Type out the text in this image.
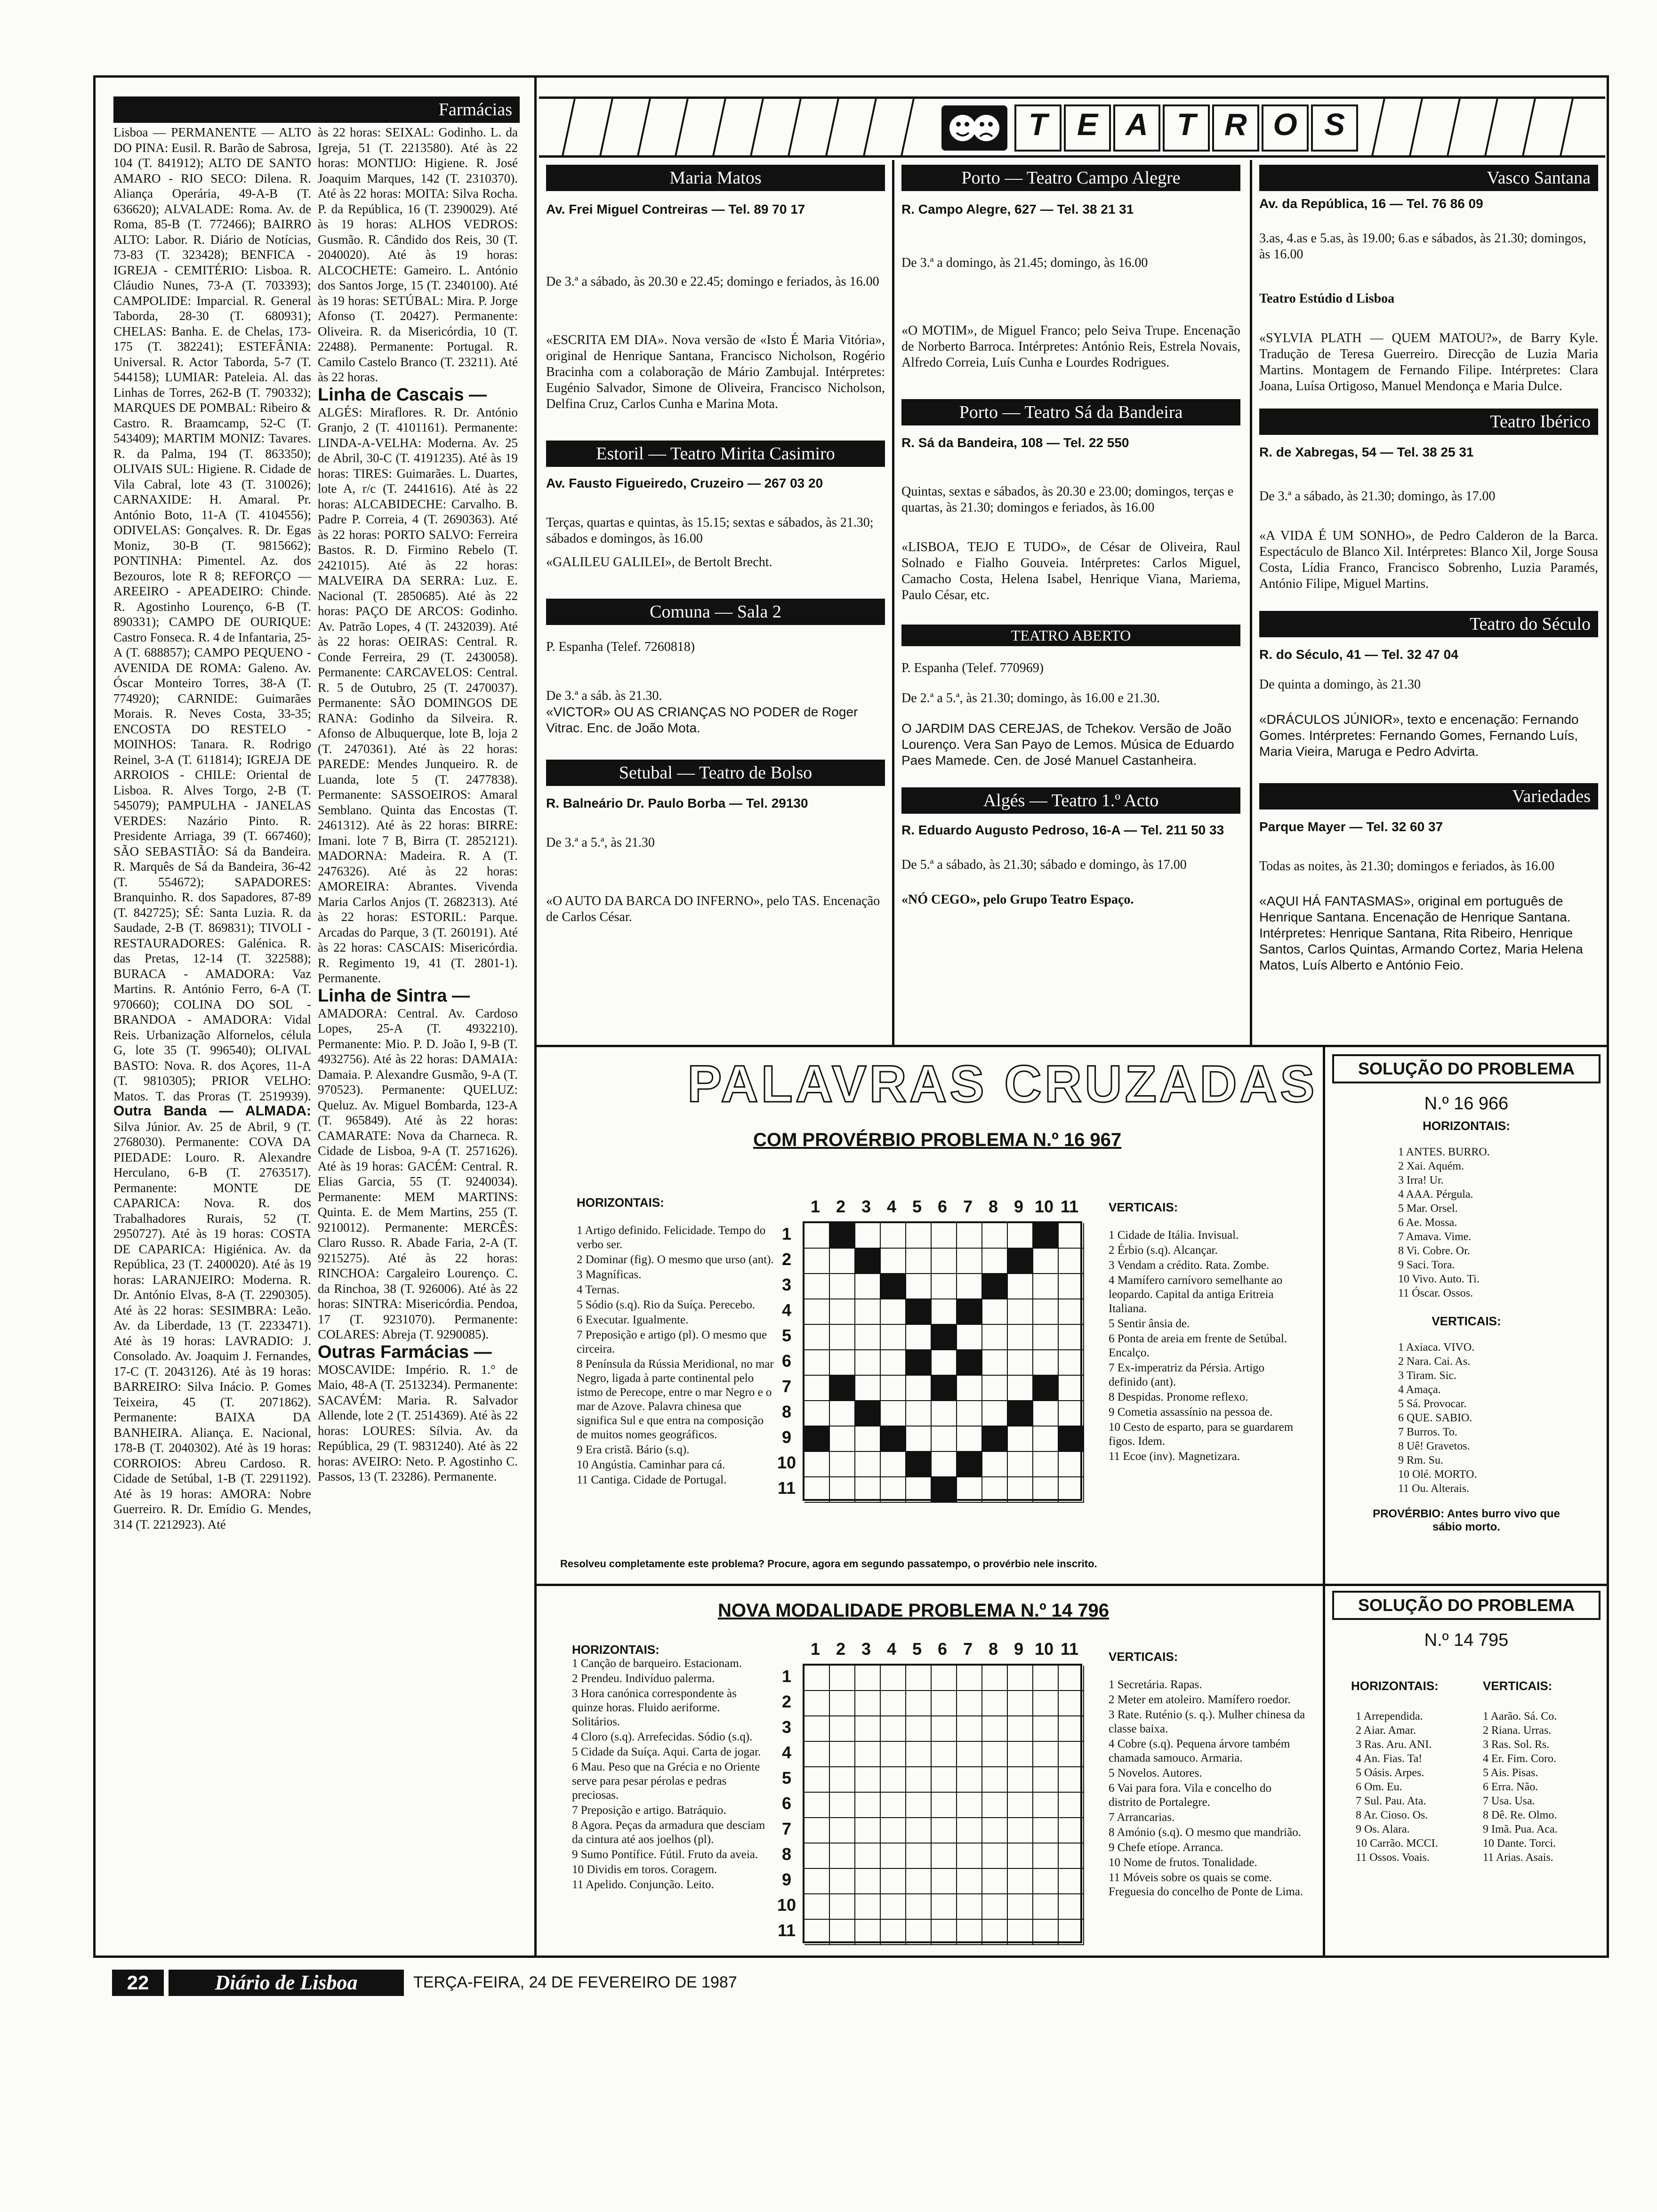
Farmácias
Lisboa — PERMANENTE — ALTO DO PINA: Eusil. R. Barão de Sabrosa, 104 (T. 841912); ALTO DE SANTO AMARO - RIO SECO: Dilena. R. Aliança Operária, 49-A-B (T. 636620); ALVALADE: Roma. Av. de Roma, 85-B (T. 772466); BAIRRO ALTO: Labor. R. Diário de Notícias, 73-83 (T. 323428); BENFICA - IGREJA - CEMITÉRIO: Lisboa. R. Cláudio Nunes, 73-A (T. 703393); CAMPOLIDE: Imparcial. R. General Taborda, 28-30 (T. 680931); CHELAS: Banha. E. de Chelas, 173-175 (T. 382241); ESTEFÂNIA: Universal. R. Actor Taborda, 5-7 (T. 544158); LUMIAR: Pateleia. Al. das Linhas de Torres, 262-B (T. 790332); MARQUES DE POMBAL: Ribeiro & Castro. R. Braamcamp, 52-C (T. 543409); MARTIM MONIZ: Tavares. R. da Palma, 194 (T. 863350); OLIVAIS SUL: Higiene. R. Cidade de Vila Cabral, lote 43 (T. 310026); CARNAXIDE: H. Amaral. Pr. António Boto, 11-A (T. 4104556); ODIVELAS: Gonçalves. R. Dr. Egas Moniz, 30-B (T. 9815662); PONTINHA: Pimentel. Az. dos Bezouros, lote R 8; REFORÇO — AREEIRO - APEADEIRO: Chinde. R. Agostinho Lourenço, 6-B (T. 890331); CAMPO DE OURIQUE: Castro Fonseca. R. 4 de Infantaria, 25-A (T. 688857); CAMPO PEQUENO - AVENIDA DE ROMA: Galeno. Av. Óscar Monteiro Torres, 38-A (T. 774920); CARNIDE: Guimarães Morais. R. Neves Costa, 33-35; ENCOSTA DO RESTELO - MOINHOS: Tanara. R. Rodrigo Reinel, 3-A (T. 611814); IGREJA DE ARROIOS - CHILE: Oriental de Lisboa. R. Alves Torgo, 2-B (T. 545079); PAMPULHA - JANELAS VERDES: Nazário Pinto. R. Presidente Arriaga, 39 (T. 667460); SÃO SEBASTIÃO: Sá da Bandeira. R. Marquês de Sá da Bandeira, 36-42 (T. 554672); SAPADORES: Branquinho. R. dos Sapadores, 87-89 (T. 842725); SÉ: Santa Luzia. R. da Saudade, 2-B (T. 869831); TIVOLI - RESTAURADORES: Galénica. R. das Pretas, 12-14 (T. 322588); BURACA - AMADORA: Vaz Martins. R. António Ferro, 6-A (T. 970660); COLINA DO SOL - BRANDOA - AMADORA: Vidal Reis. Urbanização Alfornelos, célula G, lote 35 (T. 996540); OLIVAL BASTO: Nova. R. dos Açores, 11-A (T. 9810305); PRIOR VELHO: Matos. T. das Proras (T. 2519939). Outra Banda — ALMADA: Silva Júnior. Av. 25 de Abril, 9 (T. 2768030). Permanente: COVA DA PIEDADE: Louro. R. Alexandre Herculano, 6-B (T. 2763517). Permanente: MONTE DE CAPARICA: Nova. R. dos Trabalhadores Rurais, 52 (T. 2950727). Até às 19 horas: COSTA DE CAPARICA: Higiénica. Av. da República, 23 (T. 2400020). Até às 19 horas: LARANJEIRO: Moderna. R. Dr. António Elvas, 8-A (T. 2290305). Até às 22 horas: SESIMBRA: Leão. Av. da Liberdade, 13 (T. 2233471). Até às 19 horas: LAVRADIO: J. Consolado. Av. Joaquim J. Fernandes, 17-C (T. 2043126). Até às 19 horas: BARREIRO: Silva Inácio. P. Gomes Teixeira, 45 (T. 2071862). Permanente: BAIXA DA BANHEIRA. Aliança. E. Nacional, 178-B (T. 2040302). Até às 19 horas: CORROIOS: Abreu Cardoso. R. Cidade de Setúbal, 1-B (T. 2291192). Até às 19 horas: AMORA: Nobre Guerreiro. R. Dr. Emídio G. Mendes, 314 (T. 2212923). Até
às 22 horas: SEIXAL: Godinho. L. da Igreja, 51 (T. 2213580). Até às 22 horas: MONTIJO: Higiene. R. José Joaquim Marques, 142 (T. 2310370). Até às 22 horas: MOITA: Silva Rocha. P. da República, 16 (T. 2390029). Até às 19 horas: ALHOS VEDROS: Gusmão. R. Cândido dos Reis, 30 (T. 2040020). Até às 19 horas: ALCOCHETE: Gameiro. L. António dos Santos Jorge, 15 (T. 2340100). Até às 19 horas: SETÚBAL: Mira. P. Jorge Afonso (T. 20427). Permanente: Oliveira. R. da Misericórdia, 10 (T. 22488). Permanente: Portugal. R. Camilo Castelo Branco (T. 23211). Até às 22 horas.
Linha de Cascais —
ALGÉS: Miraflores. R. Dr. António Granjo, 2 (T. 4101161). Permanente: LINDA-A-VELHA: Moderna. Av. 25 de Abril, 30-C (T. 4191235). Até às 19 horas: TIRES: Guimarães. L. Duartes, lote A, r/c (T. 2441616). Até às 22 horas: ALCABIDECHE: Carvalho. B. Padre P. Correia, 4 (T. 2690363). Até às 22 horas: PORTO SALVO: Ferreira Bastos. R. D. Firmino Rebelo (T. 2421015). Até às 22 horas: MALVEIRA DA SERRA: Luz. E. Nacional (T. 2850685). Até às 22 horas: PAÇO DE ARCOS: Godinho. Av. Patrão Lopes, 4 (T. 2432039). Até às 22 horas: OEIRAS: Central. R. Conde Ferreira, 29 (T. 2430058). Permanente: CARCAVELOS: Central. R. 5 de Outubro, 25 (T. 2470037). Permanente: SÃO DOMINGOS DE RANA: Godinho da Silveira. R. Afonso de Albuquerque, lote B, loja 2 (T. 2470361). Até às 22 horas: PAREDE: Mendes Junqueiro. R. de Luanda, lote 5 (T. 2477838). Permanente: SASSOEIROS: Amaral Semblano. Quinta das Encostas (T. 2461312). Até às 22 horas: BIRRE: Imani. lote 7 B, Birra (T. 2852121). MADORNA: Madeira. R. A (T. 2476326). Até às 22 horas: AMOREIRA: Abrantes. Vivenda Maria Carlos Anjos (T. 2682313). Até às 22 horas: ESTORIL: Parque. Arcadas do Parque, 3 (T. 260191). Até às 22 horas: CASCAIS: Misericórdia. R. Regimento 19, 41 (T. 2801-1). Permanente.
Linha de Sintra —
AMADORA: Central. Av. Cardoso Lopes, 25-A (T. 4932210). Permanente: Mio. P. D. João I, 9-B (T. 4932756). Até às 22 horas: DAMAIA: Damaia. P. Alexandre Gusmão, 9-A (T. 970523). Permanente: QUELUZ: Queluz. Av. Miguel Bombarda, 123-A (T. 965849). Até às 22 horas: CAMARATE: Nova da Charneca. R. Cidade de Lisboa, 9-A (T. 2571626). Até às 19 horas: GACÉM: Central. R. Elias Garcia, 55 (T. 9240034). Permanente: MEM MARTINS: Quinta. E. de Mem Martins, 255 (T. 9210012). Permanente: MERCÊS: Claro Russo. R. Abade Faria, 2-A (T. 9215275). Até às 22 horas: RINCHOA: Cargaleiro Lourenço. C. da Rinchoa, 38 (T. 926006). Até às 22 horas: SINTRA: Misericórdia. Pendoa, 17 (T. 9231070). Permanente: COLARES: Abreja (T. 9290085).
Outras Farmácias —
MOSCAVIDE: Império. R. 1.° de Maio, 48-A (T. 2513234). Permanente: SACAVÉM: Maria. R. Salvador Allende, lote 2 (T. 2514369). Até às 22 horas: LOURES: Sílvia. Av. da República, 29 (T. 9831240). Até às 22 horas: AVEIRO: Neto. P. Agostinho C. Passos, 13 (T. 23286). Permanente.
T E A T R O S
Maria Matos
Av. Frei Miguel Contreiras — Tel. 89 70 17
De 3.ª a sábado, às 20.30 e 22.45; domingo e feriados, às 16.00
«ESCRITA EM DIA». Nova versão de «Isto É Maria Vitória», original de Henrique Santana, Francisco Nicholson, Rogério Bracinha com a colaboração de Mário Zambujal. Intérpretes: Eugénio Salvador, Simone de Oliveira, Francisco Nicholson, Delfina Cruz, Carlos Cunha e Marina Mota.
Estoril — Teatro Mirita Casimiro
Av. Fausto Figueiredo, Cruzeiro — 267 03 20
Terças, quartas e quintas, às 15.15; sextas e sábados, às 21.30; sábados e domingos, às 16.00
«GALILEU GALILEI», de Bertolt Brecht.
Comuna — Sala 2
P. Espanha (Telef. 7260818)
De 3.ª a sáb. às 21.30.
«VICTOR» OU AS CRIANÇAS NO PODER de Roger Vitrac. Enc. de João Mota.
Setubal — Teatro de Bolso
R. Balneário Dr. Paulo Borba — Tel. 29130
De 3.ª a 5.ª, às 21.30
«O AUTO DA BARCA DO INFERNO», pelo TAS. Encenação de Carlos César.
Porto — Teatro Campo Alegre
R. Campo Alegre, 627 — Tel. 38 21 31
De 3.ª a domingo, às 21.45; domingo, às 16.00
«O MOTIM», de Miguel Franco; pelo Seiva Trupe. Encenação de Norberto Barroca. Intérpretes: António Reis, Estrela Novais, Alfredo Correia, Luís Cunha e Lourdes Rodrigues.
Porto — Teatro Sá da Bandeira
R. Sá da Bandeira, 108 — Tel. 22 550
Quintas, sextas e sábados, às 20.30 e 23.00; domingos, terças e quartas, às 21.30; domingos e feriados, às 16.00
«LISBOA, TEJO E TUDO», de César de Oliveira, Raul Solnado e Fialho Gouveia. Intérpretes: Carlos Miguel, Camacho Costa, Helena Isabel, Henrique Viana, Mariema, Paulo César, etc.
TEATRO ABERTO
P. Espanha (Telef. 770969)
De 2.ª a 5.ª, às 21.30; domingo, às 16.00 e 21.30.
O JARDIM DAS CEREJAS, de Tchekov. Versão de João Lourenço. Vera San Payo de Lemos. Música de Eduardo Paes Mamede. Cen. de José Manuel Castanheira.
Algés — Teatro 1.º Acto
R. Eduardo Augusto Pedroso, 16-A — Tel. 211 50 33
De 5.ª a sábado, às 21.30; sábado e domingo, às 17.00
«NÓ CEGO», pelo Grupo Teatro Espaço.
Vasco Santana
Av. da República, 16 — Tel. 76 86 09
3.as, 4.as e 5.as, às 19.00; 6.as e sábados, às 21.30; domingos, às 16.00
Teatro Estúdio d Lisboa
«SYLVIA PLATH — QUEM MATOU?», de Barry Kyle. Tradução de Teresa Guerreiro. Direcção de Luzia Maria Martins. Montagem de Fernando Filipe. Intérpretes: Clara Joana, Luísa Ortigoso, Manuel Mendonça e Maria Dulce.
Teatro Ibérico
R. de Xabregas, 54 — Tel. 38 25 31
De 3.ª a sábado, às 21.30; domingo, às 17.00
«A VIDA É UM SONHO», de Pedro Calderon de la Barca. Espectáculo de Blanco Xil. Intérpretes: Blanco Xil, Jorge Sousa Costa, Lídia Franco, Francisco Sobrenho, Luzia Paramés, António Filipe, Miguel Martins.
Teatro do Século
R. do Século, 41 — Tel. 32 47 04
De quinta a domingo, às 21.30
«DRÁCULOS JÚNIOR», texto e encenação: Fernando Gomes. Intérpretes: Fernando Gomes, Fernando Luís, Maria Vieira, Maruga e Pedro Advirta.
Variedades
Parque Mayer — Tel. 32 60 37
Todas as noites, às 21.30; domingos e feriados, às 16.00
«AQUI HÁ FANTASMAS», original em português de Henrique Santana. Encenação de Henrique Santana. Intérpretes: Henrique Santana, Rita Ribeiro, Henrique Santos, Carlos Quintas, Armando Cortez, Maria Helena Matos, Luís Alberto e António Feio.
PALAVRAS CRUZADAS
COM PROVÉRBIO PROBLEMA N.º 16 967
HORIZONTAIS:
1 Artigo definido. Felicidade. Tempo do verbo ser.
2 Dominar (fig). O mesmo que urso (ant).
3 Magníficas.
4 Ternas.
5 Sódio (s.q). Rio da Suíça. Perecebo.
6 Executar. Igualmente.
7 Preposição e artigo (pl). O mesmo que circeira.
8 Península da Rússia Meridional, no mar Negro, ligada à parte continental pelo istmo de Perecope, entre o mar Negro e o mar de Azove. Palavra chinesa que significa Sul e que entra na composição de muitos nomes geográficos.
9 Era cristã. Bário (s.q).
10 Angústia. Caminhar para cá.
11 Cantiga. Cidade de Portugal.
1
1
2
2
3
3
4
4
5
5
6
6
7
7
8
8
9
9
10
10
11
11
VERTICAIS:
1 Cidade de Itália. Invisual.
2 Érbio (s.q). Alcançar.
3 Vendam a crédito. Rata. Zombe.
4 Mamífero carnívoro semelhante ao leopardo. Capital da antiga Eritreia Italiana.
5 Sentir ânsia de.
6 Ponta de areia em frente de Setúbal. Encalço.
7 Ex-imperatriz da Pérsia. Artigo definido (ant).
8 Despidas. Pronome reflexo.
9 Cometia assassínio na pessoa de.
10 Cesto de esparto, para se guardarem figos. Idem.
11 Ecoe (inv). Magnetizara.
Resolveu completamente este problema? Procure, agora em segundo passatempo, o provérbio nele inscrito.
SOLUÇÃO DO PROBLEMA
N.º 16 966
HORIZONTAIS:
1 ANTES. BURRO.
2 Xai. Aquém.
3 Irra! Ur.
4 AAA. Pérgula.
5 Mar. Orsel.
6 Ae. Mossa.
7 Amava. Vime.
8 Vi. Cobre. Or.
9 Saci. Tora.
10 Vivo. Auto. Ti.
11 Óscar. Ossos.
VERTICAIS:
1 Axiaca. VIVO.
2 Nara. Cai. As.
3 Tiram. Sic.
4 Amaça.
5 Sá. Provocar.
6 QUE. SABIO.
7 Burros. To.
8 Uê! Gravetos.
9 Rm. Su.
10 Olé. MORTO.
11 Ou. Alterais.
PROVÉRBIO: Antes burro vivo que sábio morto.
NOVA MODALIDADE PROBLEMA N.º 14 796
HORIZONTAIS:
1 Canção de barqueiro. Estacionam.
2 Prendeu. Indivíduo palerma.
3 Hora canónica correspondente às quinze horas. Fluido aeriforme. Solitários.
4 Cloro (s.q). Arrefecidas. Sódio (s.q).
5 Cidade da Suíça. Aqui. Carta de jogar.
6 Mau. Peso que na Grécia e no Oriente serve para pesar pérolas e pedras preciosas.
7 Preposição e artigo. Batráquio.
8 Agora. Peças da armadura que desciam da cintura até aos joelhos (pl).
9 Sumo Pontífice. Fútil. Fruto da aveia.
10 Dividis em toros. Coragem.
11 Apelido. Conjunção. Leito.
1
1
2
2
3
3
4
4
5
5
6
6
7
7
8
8
9
9
10
10
11
11
VERTICAIS:
1 Secretária. Rapas.
2 Meter em atoleiro. Mamífero roedor.
3 Rate. Ruténio (s. q.). Mulher chinesa da classe baixa.
4 Cobre (s.q). Pequena árvore também chamada samouco. Armaria.
5 Novelos. Autores.
6 Vai para fora. Vila e concelho do distrito de Portalegre.
7 Arrancarias.
8 Amónio (s.q). O mesmo que mandrião.
9 Chefe etíope. Arranca.
10 Nome de frutos. Tonalidade.
11 Móveis sobre os quais se come. Freguesia do concelho de Ponte de Lima.
SOLUÇÃO DO PROBLEMA
N.º 14 795
HORIZONTAIS:
1 Arrependida.
2 Aiar. Amar.
3 Ras. Aru. ANI.
4 An. Fias. Ta!
5 Oásis. Arpes.
6 Om. Eu.
7 Sul. Pau. Ata.
8 Ar. Cioso. Os.
9 Os. Alara.
10 Carrão. MCCI.
11 Ossos. Voais.
VERTICAIS:
1 Aarão. Sá. Co.
2 Riana. Urras.
3 Ras. Sol. Rs.
4 Er. Fim. Coro.
5 Ais. Pisas.
6 Erra. Não.
7 Usa. Usa.
8 Dê. Re. Olmo.
9 Imã. Pua. Aca.
10 Dante. Torci.
11 Arias. Asais.
22	Diário de Lisboa	TERÇA-FEIRA, 24 DE FEVEREIRO DE 1987
